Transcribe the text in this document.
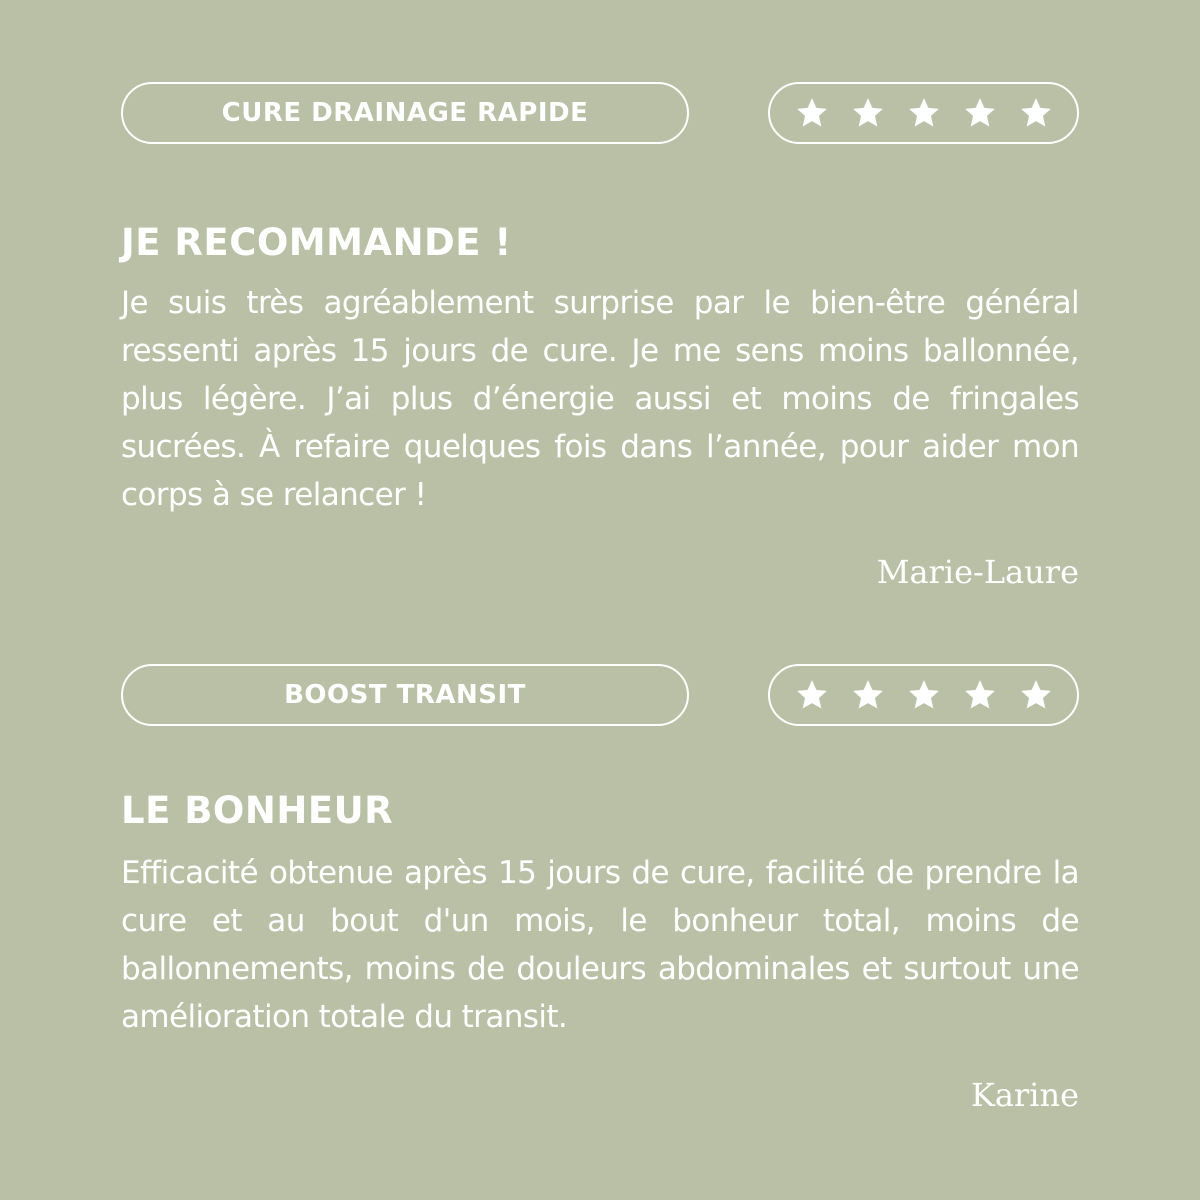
CURE DRAINAGE RAPIDE
JE RECOMMANDE !

Je suis très agréablement surprise par le bien-être général ressenti après 15 jours de cure. Je me sens moins ballonnée, plus légère. J’ai plus d’énergie aussi et moins de fringales sucrées. À refaire quelques fois dans l’année, pour aider mon corps à se relancer !

Marie-Laure
BOOST TRANSIT
LE BONHEUR

Efficacité obtenue après 15 jours de cure, facilité de prendre la cure et au bout d'un mois, le bonheur total, moins de ballonnements, moins de douleurs abdominales et surtout une amélioration totale du transit.

Karine
